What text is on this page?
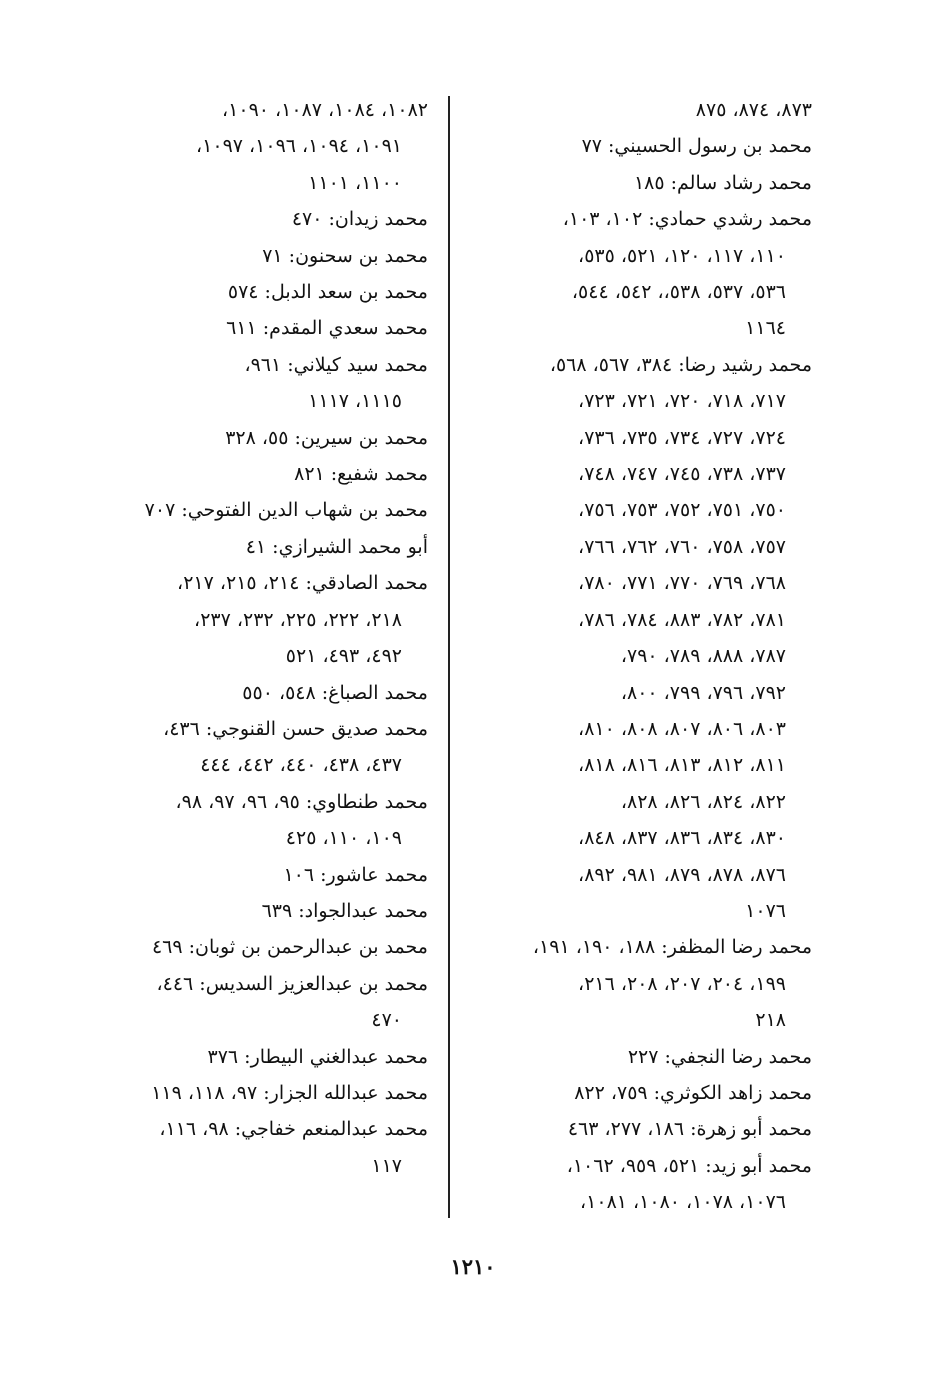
٨٧٣، ٨٧٤، ٨٧٥
محمد بن رسول الحسيني: ٧٧
محمد رشاد سالم: ١٨٥
محمد رشدي حمادي: ١٠٢، ١٠٣،
١١٠، ١١٧، ١٢٠، ٥٢١، ٥٣٥،
٥٣٦، ٥٣٧، ٥٣٨،، ٥٤٢، ٥٤٤،
١١٦٤
محمد رشيد رضا: ٣٨٤، ٥٦٧، ٥٦٨،
٧١٧، ٧١٨، ٧٢٠، ٧٢١، ٧٢٣،
٧٢٤، ٧٢٧، ٧٣٤، ٧٣٥، ٧٣٦،
٧٣٧، ٧٣٨، ٧٤٥، ٧٤٧، ٧٤٨،
٧٥٠، ٧٥١، ٧٥٢، ٧٥٣، ٧٥٦،
٧٥٧، ٧٥٨، ٧٦٠، ٧٦٢، ٧٦٦،
٧٦٨، ٧٦٩، ٧٧٠، ٧٧١، ٧٨٠،
٧٨١، ٧٨٢، ٨٨٣، ٧٨٤، ٧٨٦،
٧٨٧، ٨٨٨، ٧٨٩، ٧٩٠،
٧٩٢، ٧٩٦، ٧٩٩، ٨٠٠،
٨٠٣، ٨٠٦، ٨٠٧، ٨٠٨، ٨١٠،
٨١١، ٨١٢، ٨١٣، ٨١٦، ٨١٨،
٨٢٢، ٨٢٤، ٨٢٦، ٨٢٨،
٨٣٠، ٨٣٤، ٨٣٦، ٨٣٧، ٨٤٨،
٨٧٦، ٨٧٨، ٨٧٩، ٩٨١، ٨٩٢،
١٠٧٦
محمد رضا المظفر: ١٨٨، ١٩٠، ١٩١،
١٩٩، ٢٠٤، ٢٠٧، ٢٠٨، ٢١٦،
٢١٨
محمد رضا النجفي: ٢٢٧
محمد زاهد الكوثري: ٧٥٩، ٨٢٢
محمد أبو زهرة: ١٨٦، ٢٧٧، ٤٦٣
محمد أبو زيد: ٥٢١، ٩٥٩، ١٠٦٢،
١٠٧٦، ١٠٧٨، ١٠٨٠، ١٠٨١،
١٠٨٢، ١٠٨٤، ١٠٨٧، ١٠٩٠،
١٠٩١، ١٠٩٤، ١٠٩٦، ١٠٩٧،
١١٠٠، ١١٠١
محمد زيدان: ٤٧٠
محمد بن سحنون: ٧١
محمد بن سعد الدبل: ٥٧٤
محمد سعدي المقدم: ٦١١
محمد سيد كيلاني: ٩٦١،
١١١٥، ١١١٧
محمد بن سيرين: ٥٥، ٣٢٨
محمد شفيع: ٨٢١
محمد بن شهاب الدين الفتوحي: ٧٠٧
أبو محمد الشيرازي: ٤١
محمد الصادقي: ٢١٤، ٢١٥، ٢١٧،
٢١٨، ٢٢٢، ٢٢٥، ٢٣٢، ٢٣٧،
٤٩٢، ٤٩٣، ٥٢١
محمد الصباغ: ٥٤٨، ٥٥٠
محمد صديق حسن القنوجي: ٤٣٦،
٤٣٧، ٤٣٨، ٤٤٠، ٤٤٢، ٤٤٤
محمد طنطاوي: ٩٥، ٩٦، ٩٧، ٩٨،
١٠٩، ١١٠، ٤٢٥
محمد عاشور: ١٠٦
محمد عبدالجواد: ٦٣٩
محمد بن عبدالرحمن بن ثوبان: ٤٦٩
محمد بن عبدالعزيز السديس: ٤٤٦،
٤٧٠
محمد عبدالغني البيطار: ٣٧٦
محمد عبدالله الجزار: ٩٧، ١١٨، ١١٩
محمد عبدالمنعم خفاجي: ٩٨، ١١٦،
١١٧
١٢١٠
